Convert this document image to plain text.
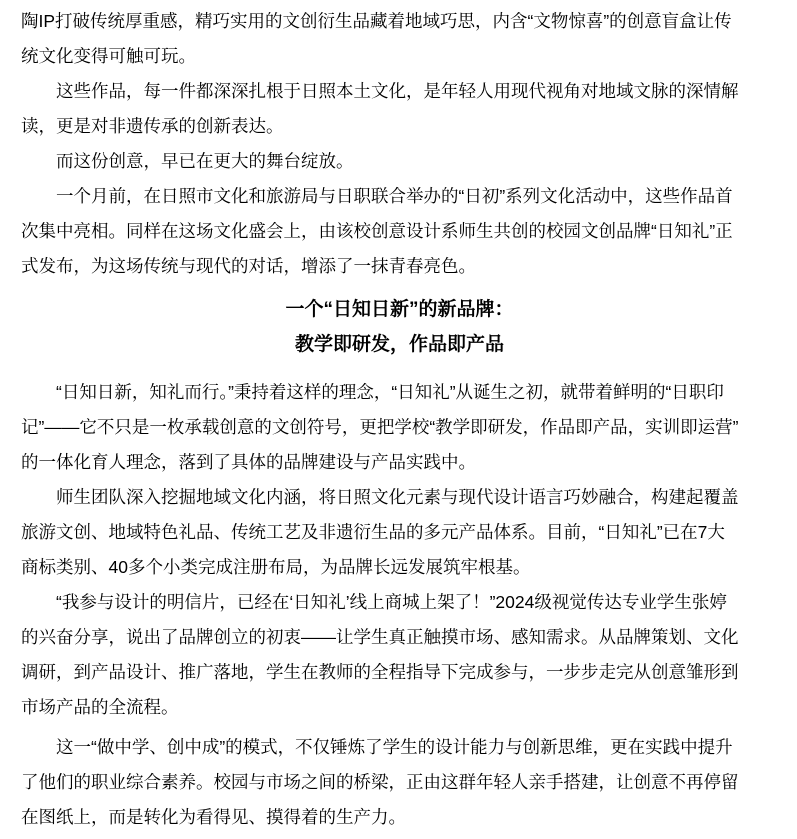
陶IP打破传统厚重感，精巧实用的文创衍生品藏着地域巧思，内含“文物惊喜”的创意盲盒让传
统文化变得可触可玩。
这些作品，每一件都深深扎根于日照本土文化，是年轻人用现代视角对地域文脉的深情解
读，更是对非遗传承的创新表达。
而这份创意，早已在更大的舞台绽放。
一个月前，在日照市文化和旅游局与日职联合举办的“日初”系列文化活动中，这些作品首
次集中亮相。同样在这场文化盛会上，由该校创意设计系师生共创的校园文创品牌“日知礼”正
式发布，为这场传统与现代的对话，增添了一抹青春亮色。
一个“日知日新”的新品牌：
教学即研发，作品即产品
“日知日新，知礼而行。”秉持着这样的理念，“日知礼”从诞生之初，就带着鲜明的“日职印
记”——它不只是一枚承载创意的文创符号，更把学校“教学即研发，作品即产品，实训即运营”
的一体化育人理念，落到了具体的品牌建设与产品实践中。
师生团队深入挖掘地域文化内涵，将日照文化元素与现代设计语言巧妙融合，构建起覆盖
旅游文创、地域特色礼品、传统工艺及非遗衍生品的多元产品体系。目前，“日知礼”已在7大
商标类别、40多个小类完成注册布局，为品牌长远发展筑牢根基。
“我参与设计的明信片，已经在‘日知礼’线上商城上架了！”2024级视觉传达专业学生张婷
的兴奋分享，说出了品牌创立的初衷——让学生真正触摸市场、感知需求。从品牌策划、文化
调研，到产品设计、推广落地，学生在教师的全程指导下完成参与，一步步走完从创意雏形到
市场产品的全流程。
这一“做中学、创中成”的模式，不仅锤炼了学生的设计能力与创新思维，更在实践中提升
了他们的职业综合素养。校园与市场之间的桥梁，正由这群年轻人亲手搭建，让创意不再停留
在图纸上，而是转化为看得见、摸得着的生产力。
